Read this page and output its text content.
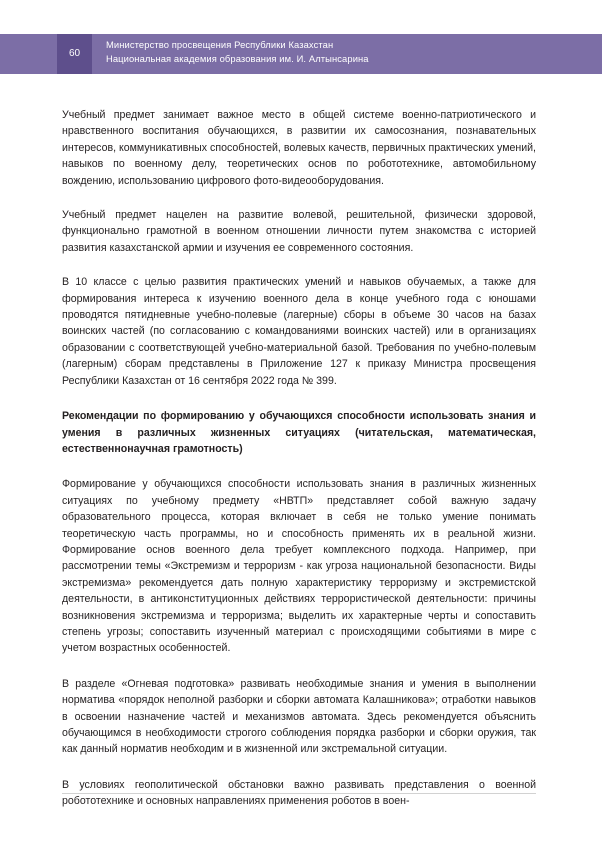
60
Министерство просвещения Республики Казахстан
Национальная академия образования им. И. Алтынсарина

Учебный предмет занимает важное место в общей системе военно-патриотического и нравственного воспитания обучающихся, в развитии их самосознания, познавательных интересов, коммуникативных способностей, волевых качеств, первичных практических умений, навыков по военному делу, теоретических основ по робототехнике, автомобильному вождению, использованию цифрового фото-видеооборудования.

Учебный предмет нацелен на развитие волевой, решительной, физически здоровой, функционально грамотной в военном отношении личности путем знакомства с историей развития казахстанской армии и изучения ее современного состояния.

В 10 классе с целью развития практических умений и навыков обучаемых, а также для формирования интереса к изучению военного дела в конце учебного года с юношами проводятся пятидневные учебно-полевые (лагерные) сборы в объеме 30 часов на базах воинских частей (по согласованию с командованиями воинских частей) или в организациях образовании с соответствующей учебно-материальной базой. Требования по учебно-полевым (лагерным) сборам представлены в Приложение 127 к приказу Министра просвещения Республики Казахстан от 16 сентября 2022 года № 399.

Рекомендации по формированию у обучающихся способности использовать знания и умения в различных жизненных ситуациях (читательская, математическая, естественнонаучная грамотность)

Формирование у обучающихся способности использовать знания в различных жизненных ситуациях по учебному предмету «НВТП» представляет собой важную задачу образовательного процесса, которая включает в себя не только умение понимать теоретическую часть программы, но и способность применять их в реальной жизни. Формирование основ военного дела требует комплексного подхода. Например, при рассмотрении темы «Экстремизм и терроризм - как угроза национальной безопасности. Виды экстремизма» рекомендуется дать полную характеристику терроризму и экстремистской деятельности, в антиконституционных действиях террористической деятельности: причины возникновения экстремизма и терроризма; выделить их характерные черты и сопоставить степень угрозы; сопоставить изученный материал с происходящими событиями в мире с учетом возрастных особенностей.

В разделе «Огневая подготовка» развивать необходимые знания и умения в выполнении норматива «порядок неполной разборки и сборки автомата Калашникова»; отработки навыков в освоении назначение частей и механизмов автомата. Здесь рекомендуется объяснить обучающимся в необходимости строгого соблюдения порядка разборки и сборки оружия, так как данный норматив необходим и в жизненной или экстремальной ситуации.

В условиях геополитической обстановки важно развивать представления о военной робототехнике и основных направлениях применения роботов в вoен-
